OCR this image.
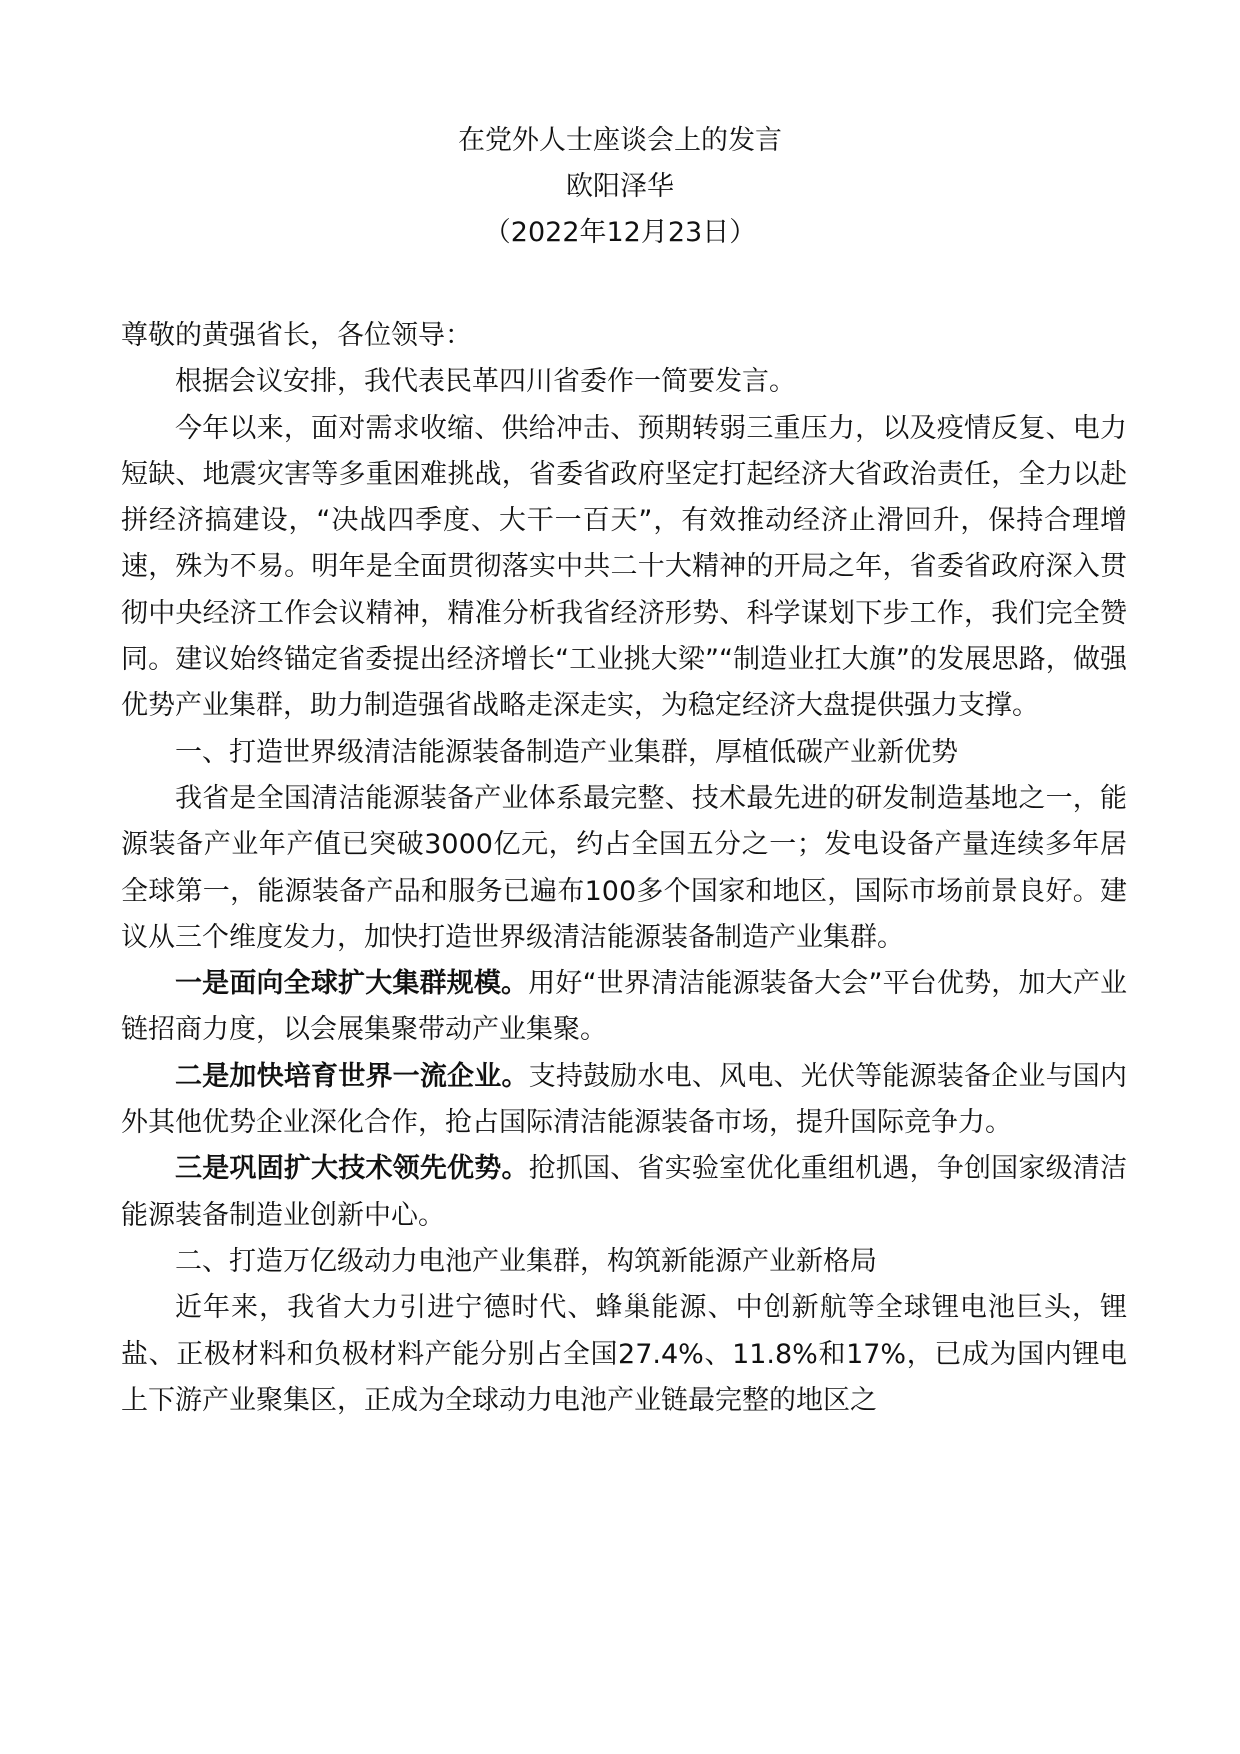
在党外人士座谈会上的发言
欧阳泽华
（2022年12月23日）

尊敬的黄强省长，各位领导：

根据会议安排，我代表民革四川省委作一简要发言。

今年以来，面对需求收缩、供给冲击、预期转弱三重压力，以及疫情反复、电力短缺、地震灾害等多重困难挑战，省委省政府坚定打起经济大省政治责任，全力以赴拼经济搞建设，“决战四季度、大干一百天”，有效推动经济止滑回升，保持合理增速，殊为不易。明年是全面贯彻落实中共二十大精神的开局之年，省委省政府深入贯彻中央经济工作会议精神，精准分析我省经济形势、科学谋划下步工作，我们完全赞同。建议始终锚定省委提出经济增长“工业挑大梁”“制造业扛大旗”的发展思路，做强优势产业集群，助力制造强省战略走深走实，为稳定经济大盘提供强力支撑。

一、打造世界级清洁能源装备制造产业集群，厚植低碳产业新优势

我省是全国清洁能源装备产业体系最完整、技术最先进的研发制造基地之一，能源装备产业年产值已突破3000亿元，约占全国五分之一；发电设备产量连续多年居全球第一，能源装备产品和服务已遍布100多个国家和地区，国际市场前景良好。建议从三个维度发力，加快打造世界级清洁能源装备制造产业集群。

一是面向全球扩大集群规模。用好“世界清洁能源装备大会”平台优势，加大产业链招商力度，以会展集聚带动产业集聚。

二是加快培育世界一流企业。支持鼓励水电、风电、光伏等能源装备企业与国内外其他优势企业深化合作，抢占国际清洁能源装备市场，提升国际竞争力。

三是巩固扩大技术领先优势。抢抓国、省实验室优化重组机遇，争创国家级清洁能源装备制造业创新中心。

二、打造万亿级动力电池产业集群，构筑新能源产业新格局

近年来，我省大力引进宁德时代、蜂巢能源、中创新航等全球锂电池巨头，锂盐、正极材料和负极材料产能分别占全国27.4%、11.8%和17%，已成为国内锂电上下游产业聚集区，正成为全球动力电池产业链最完整的地区之
